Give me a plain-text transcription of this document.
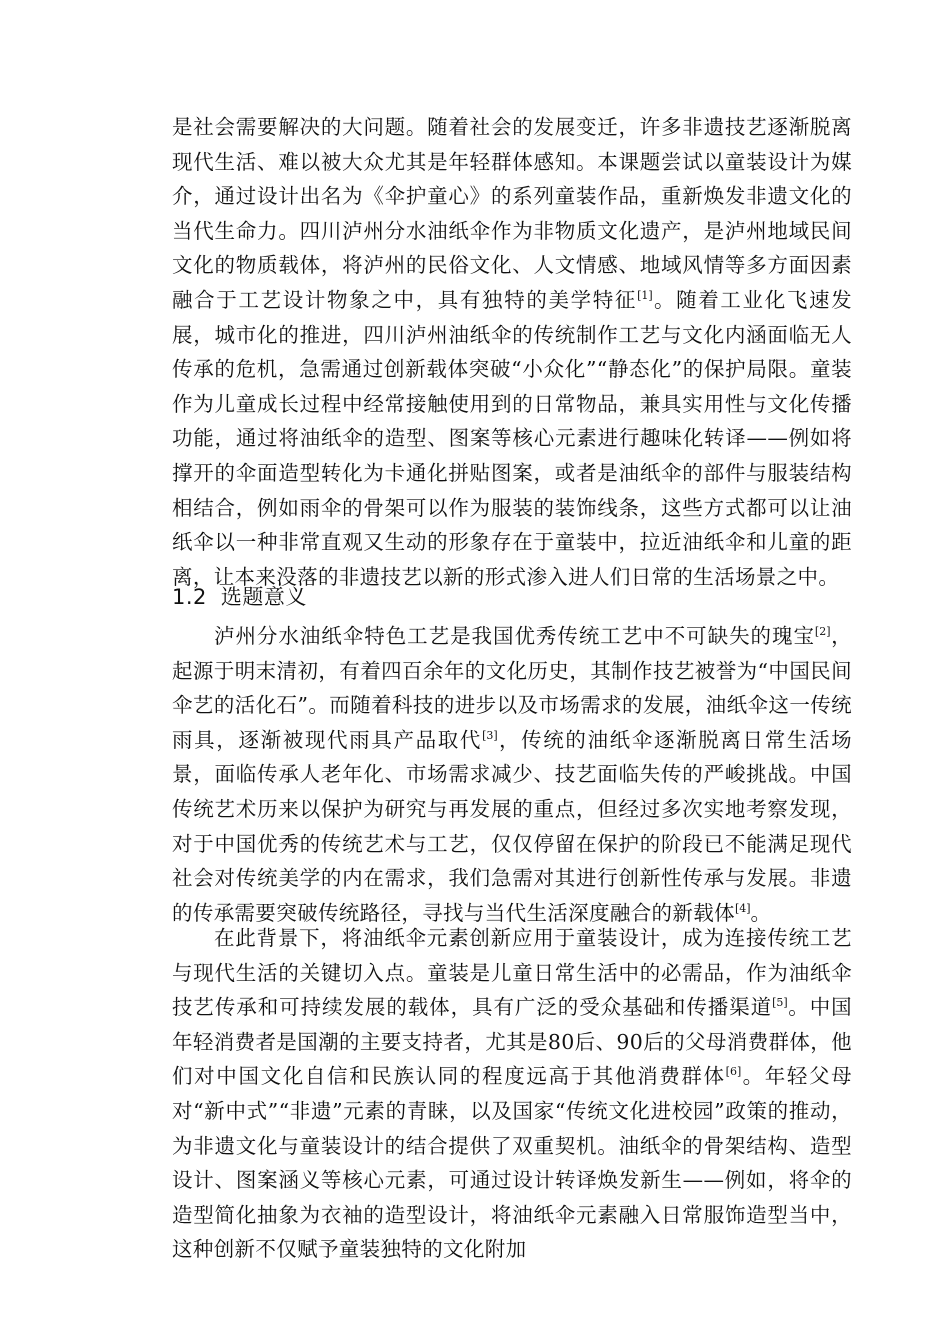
是社会需要解决的大问题。随着社会的发展变迁，许多非遗技艺逐渐脱离现代生活、难以被大众尤其是年轻群体感知。本课题尝试以童装设计为媒介，通过设计出名为《伞护童心》的系列童装作品，重新焕发非遗文化的当代生命力。四川泸州分水油纸伞作为非物质文化遗产，是泸州地域民间文化的物质载体，将泸州的民俗文化、人文情感、地域风情等多方面因素融合于工艺设计物象之中，具有独特的美学特征[1]。随着工业化飞速发展，城市化的推进，四川泸州油纸伞的传统制作工艺与文化内涵面临无人传承的危机，急需通过创新载体突破“小众化”“静态化”的保护局限。童装作为儿童成长过程中经常接触使用到的日常物品，兼具实用性与文化传播功能，通过将油纸伞的造型、图案等核心元素进行趣味化转译——例如将撑开的伞面造型转化为卡通化拼贴图案，或者是油纸伞的部件与服装结构相结合，例如雨伞的骨架可以作为服装的装饰线条，这些方式都可以让油纸伞以一种非常直观又生动的形象存在于童装中，拉近油纸伞和儿童的距离，让本来没落的非遗技艺以新的形式渗入进人们日常的生活场景之中。

1.2 选题意义

泸州分水油纸伞特色工艺是我国优秀传统工艺中不可缺失的瑰宝[2]，起源于明末清初，有着四百余年的文化历史，其制作技艺被誉为“中国民间伞艺的活化石”。而随着科技的进步以及市场需求的发展，油纸伞这一传统雨具，逐渐被现代雨具产品取代[3]，传统的油纸伞逐渐脱离日常生活场景，面临传承人老年化、市场需求减少、技艺面临失传的严峻挑战。中国传统艺术历来以保护为研究与再发展的重点，但经过多次实地考察发现，对于中国优秀的传统艺术与工艺，仅仅停留在保护的阶段已不能满足现代社会对传统美学的内在需求，我们急需对其进行创新性传承与发展。非遗的传承需要突破传统路径，寻找与当代生活深度融合的新载体[4]。

在此背景下，将油纸伞元素创新应用于童装设计，成为连接传统工艺与现代生活的关键切入点。童装是儿童日常生活中的必需品，作为油纸伞技艺传承和可持续发展的载体，具有广泛的受众基础和传播渠道[5]。中国年轻消费者是国潮的主要支持者，尤其是80后、90后的父母消费群体，他们对中国文化自信和民族认同的程度远高于其他消费群体[6]。年轻父母对“新中式”“非遗”元素的青睐，以及国家“传统文化进校园”政策的推动，为非遗文化与童装设计的结合提供了双重契机。油纸伞的骨架结构、造型设计、图案涵义等核心元素，可通过设计转译焕发新生——例如，将伞的造型简化抽象为衣袖的造型设计，将油纸伞元素融入日常服饰造型当中，这种创新不仅赋予童装独特的文化附加
